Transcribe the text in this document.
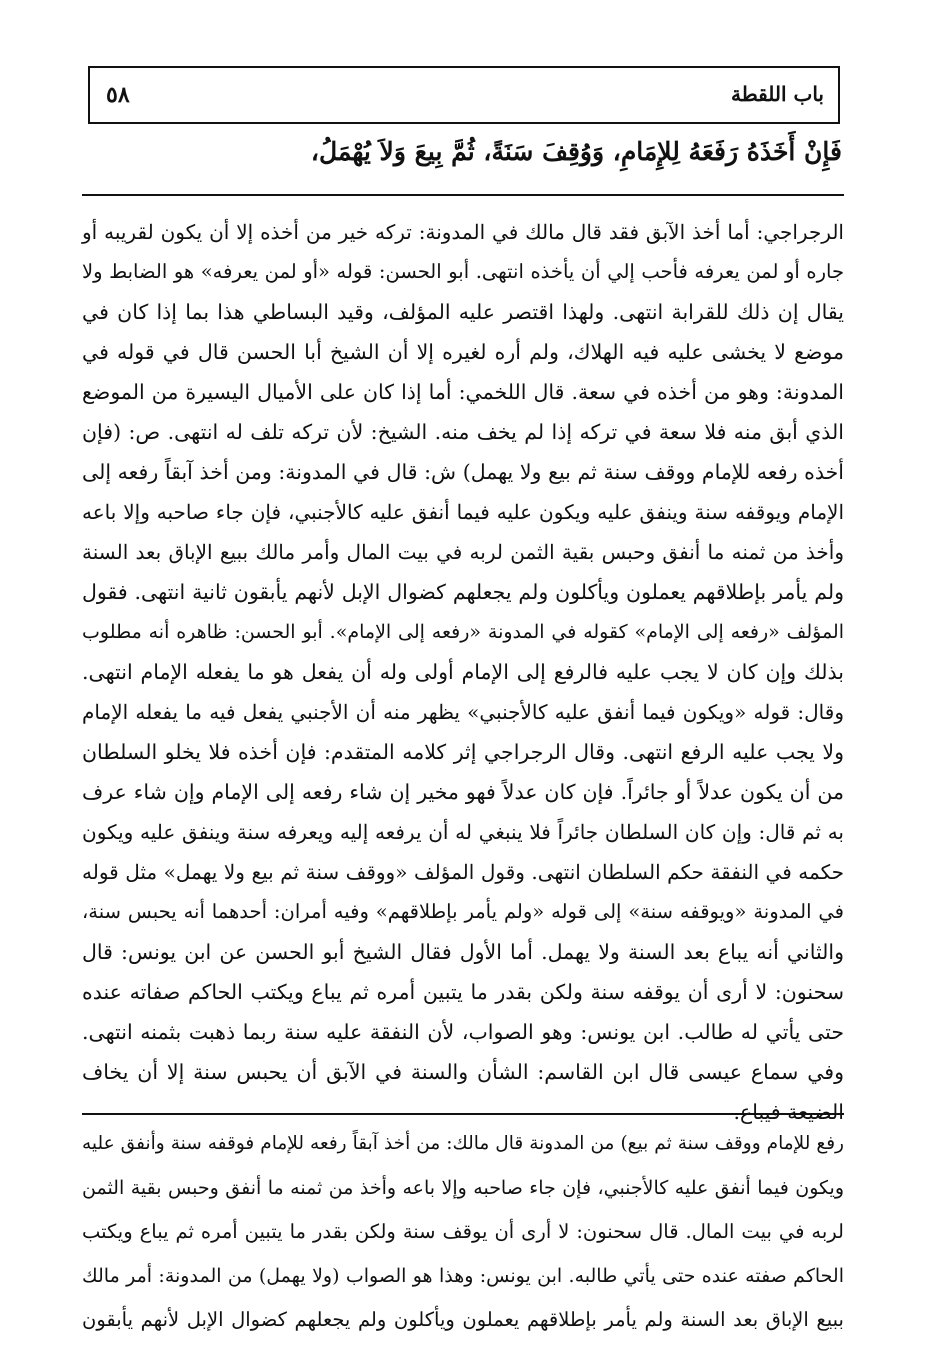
باب اللقطة
٥٨
فَإِنْ أَخَذَهُ رَفَعَهُ لِلإِمَامِ، وَوُقِفَ سَنَةً، ثُمَّ بِيعَ وَلاَ يُهْمَلُ،
الرجراجي: أما أخذ الآبق فقد قال مالك في المدونة: تركه خير من أخذه إلا أن يكون لقريبه أو
جاره أو لمن يعرفه فأحب إلي أن يأخذه انتهى. أبو الحسن: قوله «أو لمن يعرفه» هو الضابط ولا
يقال إن ذلك للقرابة انتهى. ولهذا اقتصر عليه المؤلف، وقيد البساطي هذا بما إذا كان في
موضع لا يخشى عليه فيه الهلاك، ولم أره لغيره إلا أن الشيخ أبا الحسن قال في قوله في
المدونة: وهو من أخذه في سعة. قال اللخمي: أما إذا كان على الأميال اليسيرة من الموضع
الذي أبق منه فلا سعة في تركه إذا لم يخف منه. الشيخ: لأن تركه تلف له انتهى. ص: (فإن
أخذه رفعه للإمام ووقف سنة ثم بيع ولا يهمل) ش: قال في المدونة: ومن أخذ آبقاً رفعه إلى
الإمام ويوقفه سنة وينفق عليه ويكون عليه فيما أنفق عليه كالأجنبي، فإن جاء صاحبه وإلا باعه
وأخذ من ثمنه ما أنفق وحبس بقية الثمن لربه في بيت المال وأمر مالك ببيع الإباق بعد السنة
ولم يأمر بإطلاقهم يعملون ويأكلون ولم يجعلهم كضوال الإبل لأنهم يأبقون ثانية انتهى. فقول
المؤلف «رفعه إلى الإمام» كقوله في المدونة «رفعه إلى الإمام». أبو الحسن: ظاهره أنه مطلوب
بذلك وإن كان لا يجب عليه فالرفع إلى الإمام أولى وله أن يفعل هو ما يفعله الإمام انتهى.
وقال: قوله «ويكون فيما أنفق عليه كالأجنبي» يظهر منه أن الأجنبي يفعل فيه ما يفعله الإمام
ولا يجب عليه الرفع انتهى. وقال الرجراجي إثر كلامه المتقدم: فإن أخذه فلا يخلو السلطان
من أن يكون عدلاً أو جائراً. فإن كان عدلاً فهو مخير إن شاء رفعه إلى الإمام وإن شاء عرف
به ثم قال: وإن كان السلطان جائراً فلا ينبغي له أن يرفعه إليه ويعرفه سنة وينفق عليه ويكون
حكمه في النفقة حكم السلطان انتهى. وقول المؤلف «ووقف سنة ثم بيع ولا يهمل» مثل قوله
في المدونة «ويوقفه سنة» إلى قوله «ولم يأمر بإطلاقهم» وفيه أمران: أحدهما أنه يحبس سنة،
والثاني أنه يباع بعد السنة ولا يهمل. أما الأول فقال الشيخ أبو الحسن عن ابن يونس: قال
سحنون: لا أرى أن يوقفه سنة ولكن بقدر ما يتبين أمره ثم يباع ويكتب الحاكم صفاته عنده
حتى يأتي له طالب. ابن يونس: وهو الصواب، لأن النفقة عليه سنة ربما ذهبت بثمنه انتهى.
وفي سماع عيسى قال ابن القاسم: الشأن والسنة في الآبق أن يحبس سنة إلا أن يخاف
الضيعة فيباع.
رفع للإمام ووقف سنة ثم بيع) من المدونة قال مالك: من أخذ آبقاً رفعه للإمام فوقفه سنة وأنفق عليه
ويكون فيما أنفق عليه كالأجنبي، فإن جاء صاحبه وإلا باعه وأخذ من ثمنه ما أنفق وحبس بقية الثمن
لربه في بيت المال. قال سحنون: لا أرى أن يوقف سنة ولكن بقدر ما يتبين أمره ثم يباع ويكتب
الحاكم صفته عنده حتى يأتي طالبه. ابن يونس: وهذا هو الصواب (ولا يهمل) من المدونة: أمر مالك
ببيع الإباق بعد السنة ولم يأمر بإطلاقهم يعملون ويأكلون ولم يجعلهم كضوال الإبل لأنهم يأبقون
